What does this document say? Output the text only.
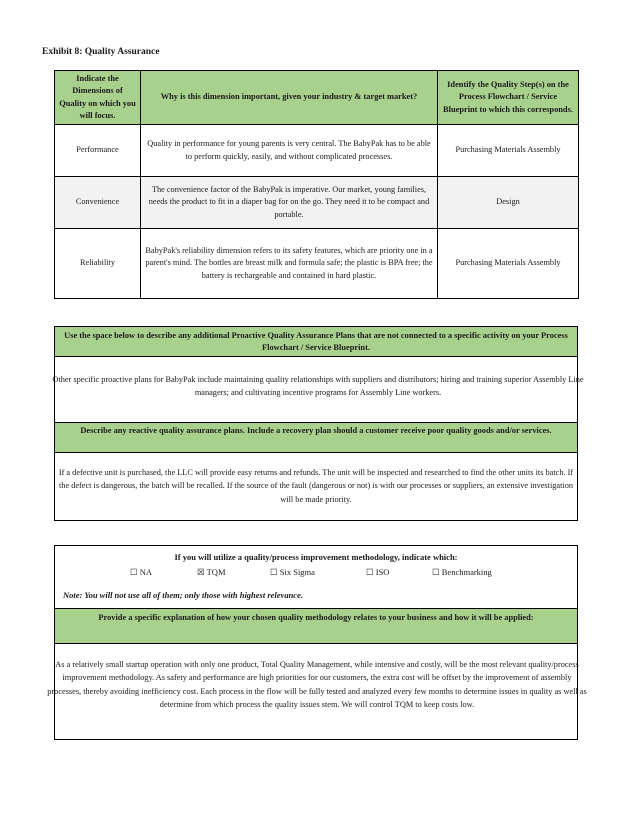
Exhibit 8: Quality Assurance
Indicate the Dimensions of Quality on which you will focus.	Why is this dimension important, given your industry & target market?	Identify the Quality Step(s) on the Process Flowchart / Service Blueprint to which this corresponds.
Performance	Quality in performance for young parents is very central. The BabyPak has to be able to perform quickly, easily, and without complicated processes.	Purchasing Materials Assembly
Convenience	The convenience factor of the BabyPak is imperative. Our market, young families, needs the product to fit in a diaper bag for on the go. They need it to be compact and portable.	Design
Reliability	BabyPak's reliability dimension refers to its safety features, which are priority one in a parent's mind. The bottles are breast milk and formula safe; the plastic is BPA free; the battery is rechargeable and contained in hard plastic.	Purchasing Materials Assembly
Use the space below to describe any additional Proactive Quality Assurance Plans that are not connected to a specific activity on your Process Flowchart / Service Blueprint.
Other specific proactive plans for BabyPak include maintaining quality relationships with suppliers and distributors; hiring and training superior Assembly Line managers; and cultivating incentive programs for Assembly Line workers.
Describe any reactive quality assurance plans. Include a recovery plan should a customer receive poor quality goods and/or services.
If a defective unit is purchased, the LLC will provide easy returns and refunds. The unit will be inspected and researched to find the other units its batch. If the defect is dangerous, the batch will be recalled. If the source of the fault (dangerous or not) is with our processes or suppliers, an extensive investigation will be made priority.
If you will utilize a quality/process improvement methodology, indicate which:
☐ NA	☒ TQM	☐ Six Sigma	☐ ISO	☐ Benchmarking
Note: You will not use all of them; only those with highest relevance.
Provide a specific explanation of how your chosen quality methodology relates to your business and how it will be applied:
As a relatively small startup operation with only one product, Total Quality Management, while intensive and costly, will be the most relevant quality/process improvement methodology. As safety and performance are high priorities for our customers, the extra cost will be offset by the improvement of assembly processes, thereby avoiding inefficiency cost. Each process in the flow will be fully tested and analyzed every few months to determine issues in quality as well as determine from which process the quality issues stem. We will control TQM to keep costs low.
